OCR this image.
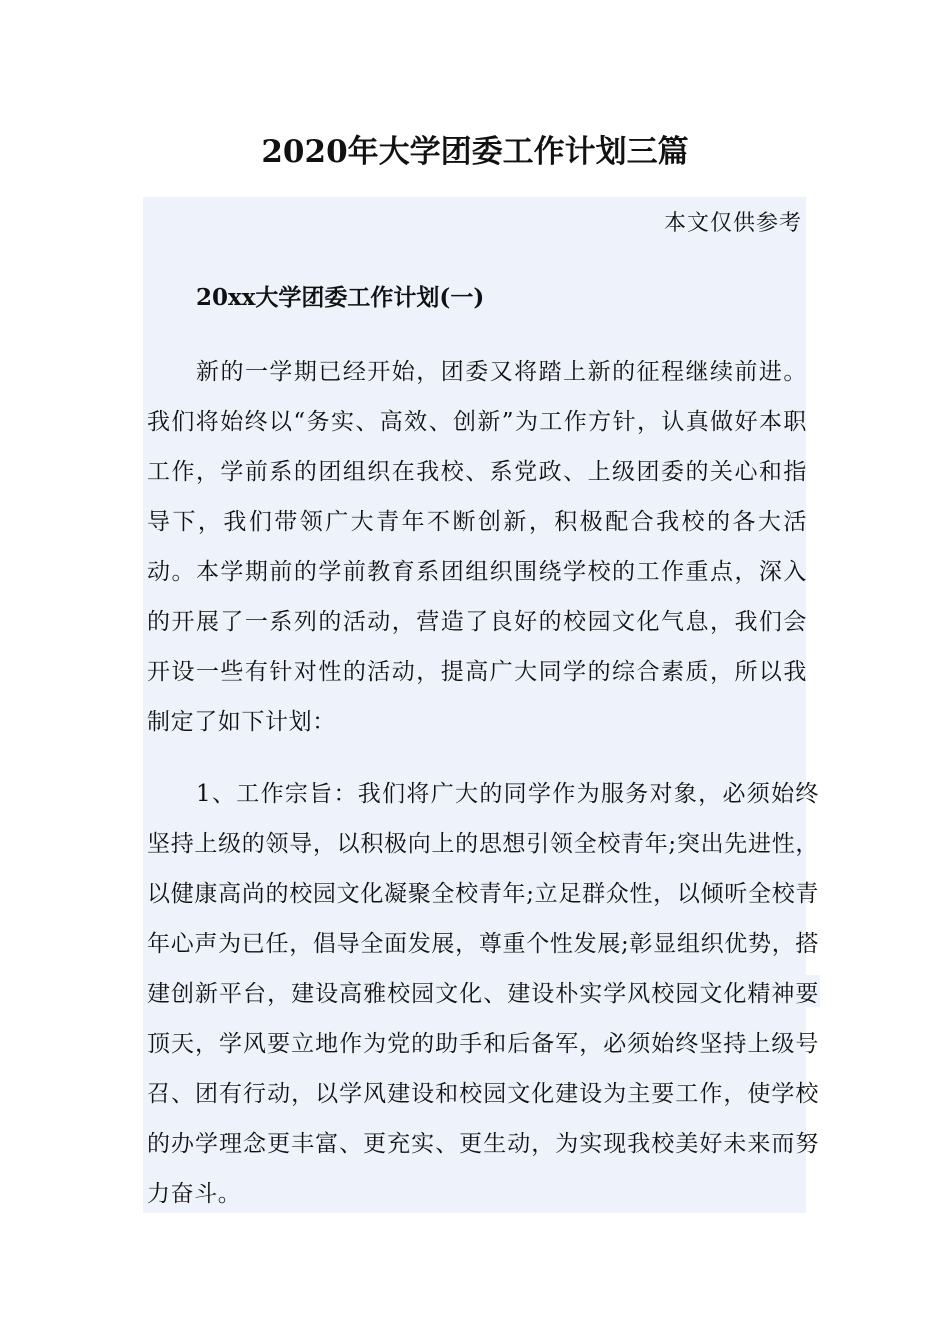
2020年大学团委工作计划三篇
本文仅供参考
20xx大学团委工作计划(一)

新的一学期已经开始，团委又将踏上新的征程继续前进。我们将始终以“务实、高效、创新”为工作方针，认真做好本职工作，学前系的团组织在我校、系党政、上级团委的关心和指导下，我们带领广大青年不断创新，积极配合我校的各大活动。本学期前的学前教育系团组织围绕学校的工作重点，深入的开展了一系列的活动，营造了良好的校园文化气息，我们会开设一些有针对性的活动，提高广大同学的综合素质，所以我制定了如下计划：

1、工作宗旨：我们将广大的同学作为服务对象，必须始终坚持上级的领导，以积极向上的思想引领全校青年;突出先进性，以健康高尚的校园文化凝聚全校青年;立足群众性，以倾听全校青年心声为已任，倡导全面发展，尊重个性发展;彰显组织优势，搭建创新平台，建设高雅校园文化、建设朴实学风校园文化精神要顶天，学风要立地作为党的助手和后备军，必须始终坚持上级号召、团有行动，以学风建设和校园文化建设为主要工作，使学校的办学理念更丰富、更充实、更生动，为实现我校美好未来而努力奋斗。
